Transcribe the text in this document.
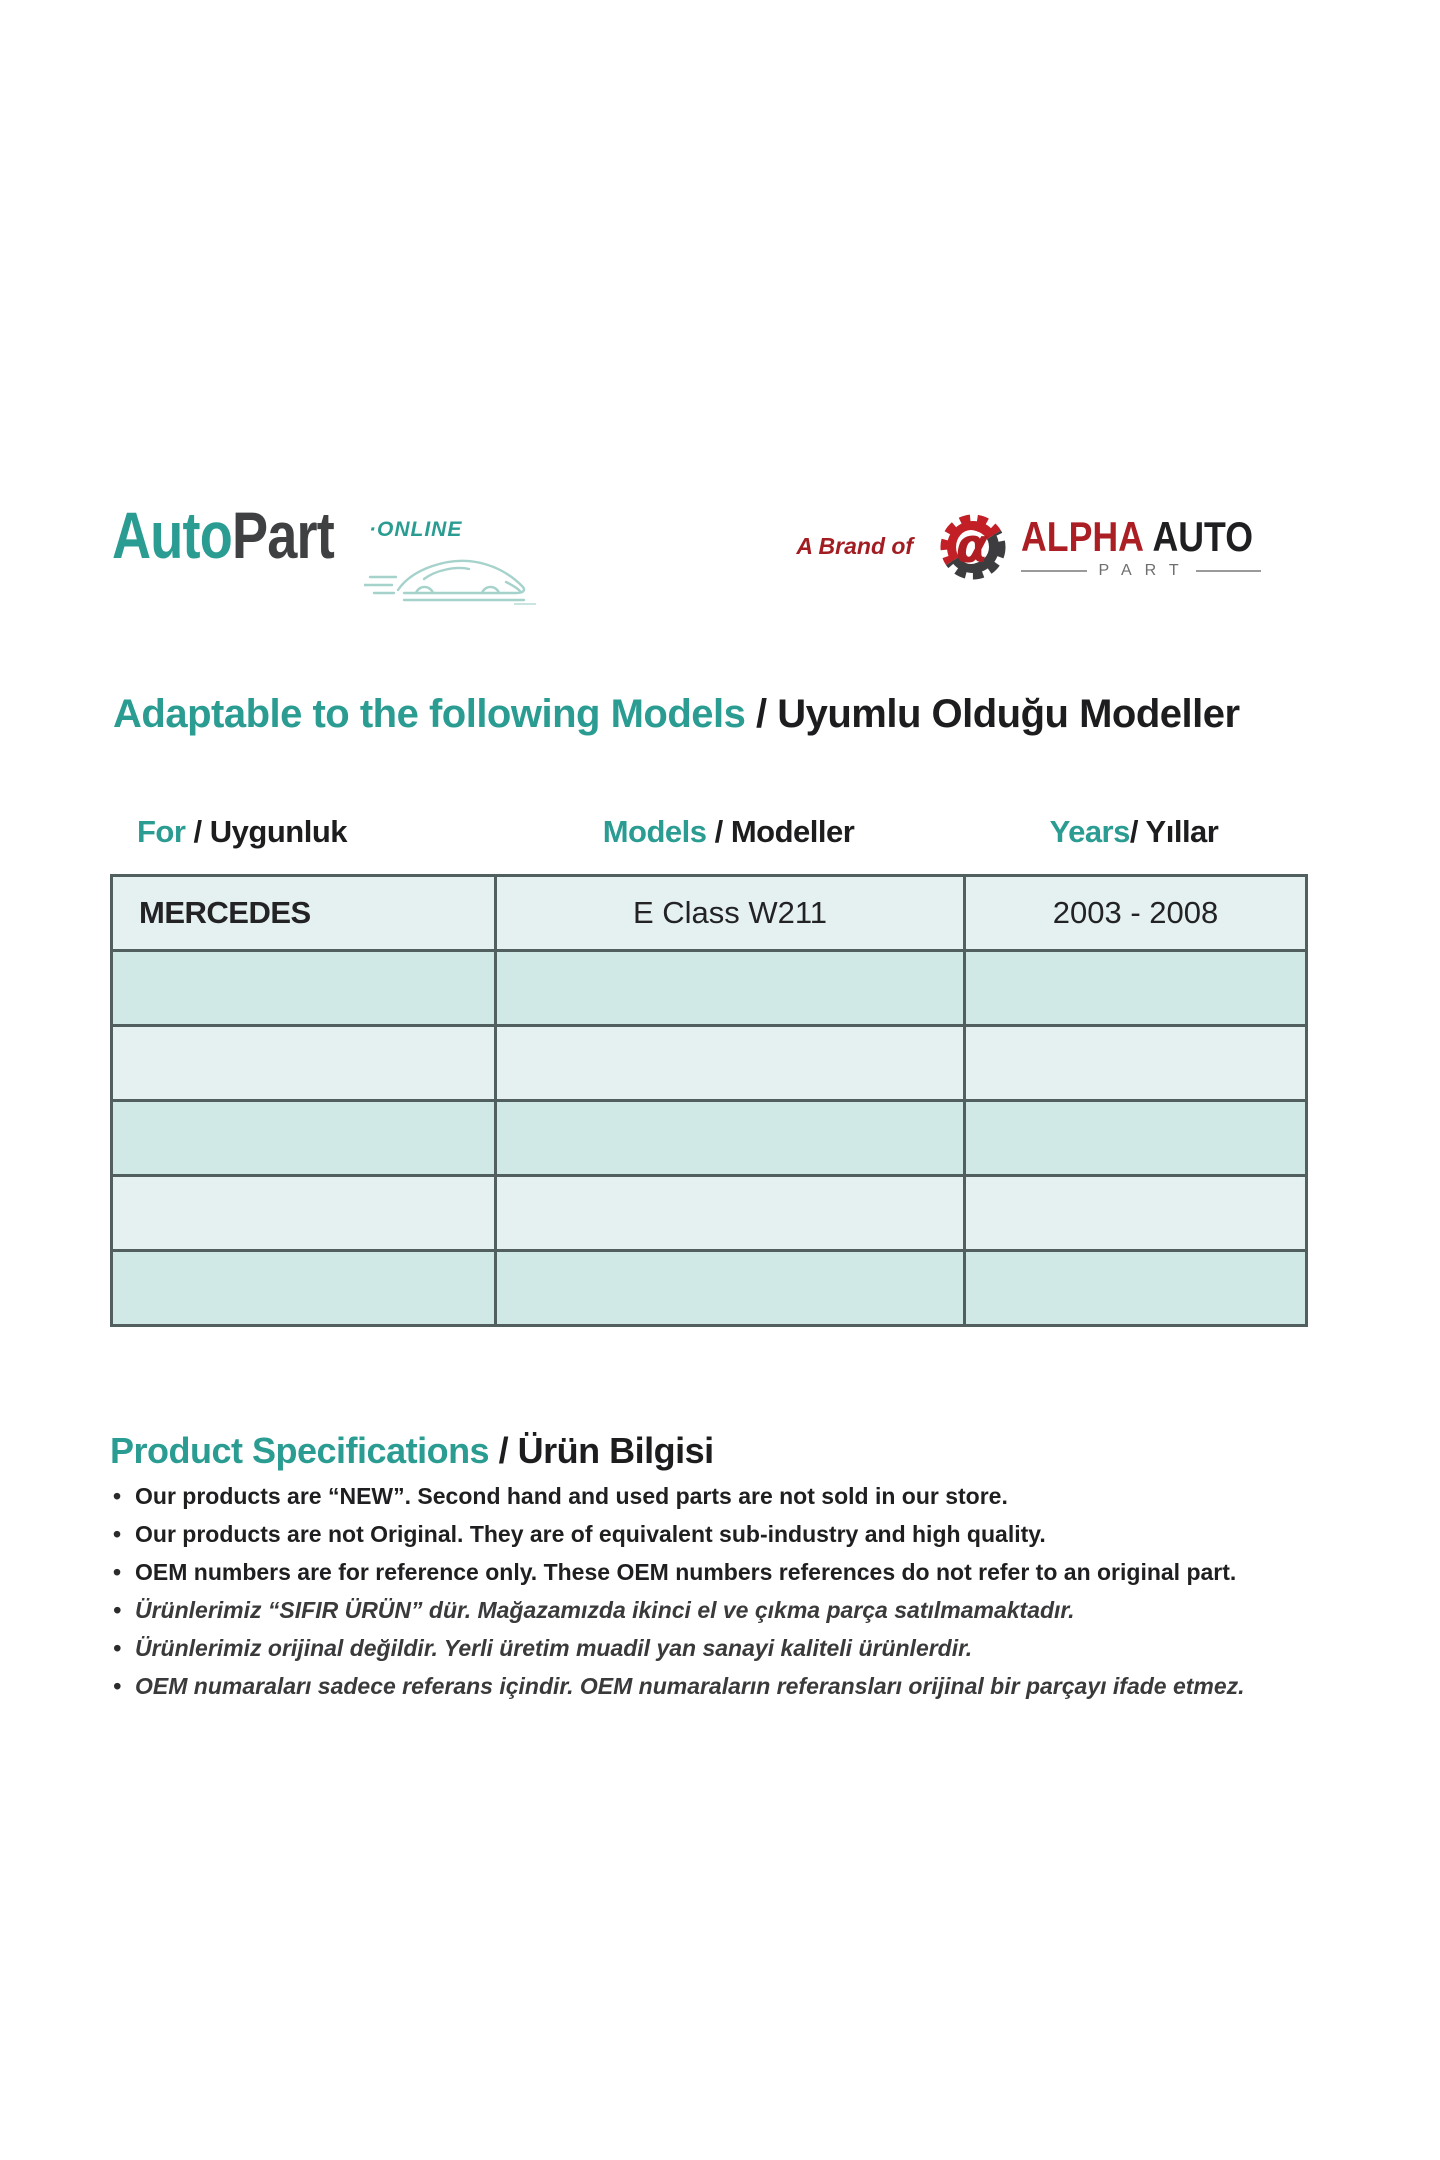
AutoPart ·ONLINE
A Brand of α ALPHA AUTO
PART
Adaptable to the following Models / Uyumlu Olduğu Modeller
For / Uygunluk	Models / Modeller	Years/ Yıllar
MERCEDES	E Class W211	2003 - 2008

Product Specifications / Ürün Bilgisi
• Our products are “NEW”. Second hand and used parts are not sold in our store.
• Our products are not Original. They are of equivalent sub-industry and high quality.
• OEM numbers are for reference only. These OEM numbers references do not refer to an original part.
• Ürünlerimiz “SIFIR ÜRÜN” dür. Mağazamızda ikinci el ve çıkma parça satılmamaktadır.
• Ürünlerimiz orijinal değildir. Yerli üretim muadil yan sanayi kaliteli ürünlerdir.
• OEM numaraları sadece referans içindir. OEM numaraların referansları orijinal bir parçayı ifade etmez.
